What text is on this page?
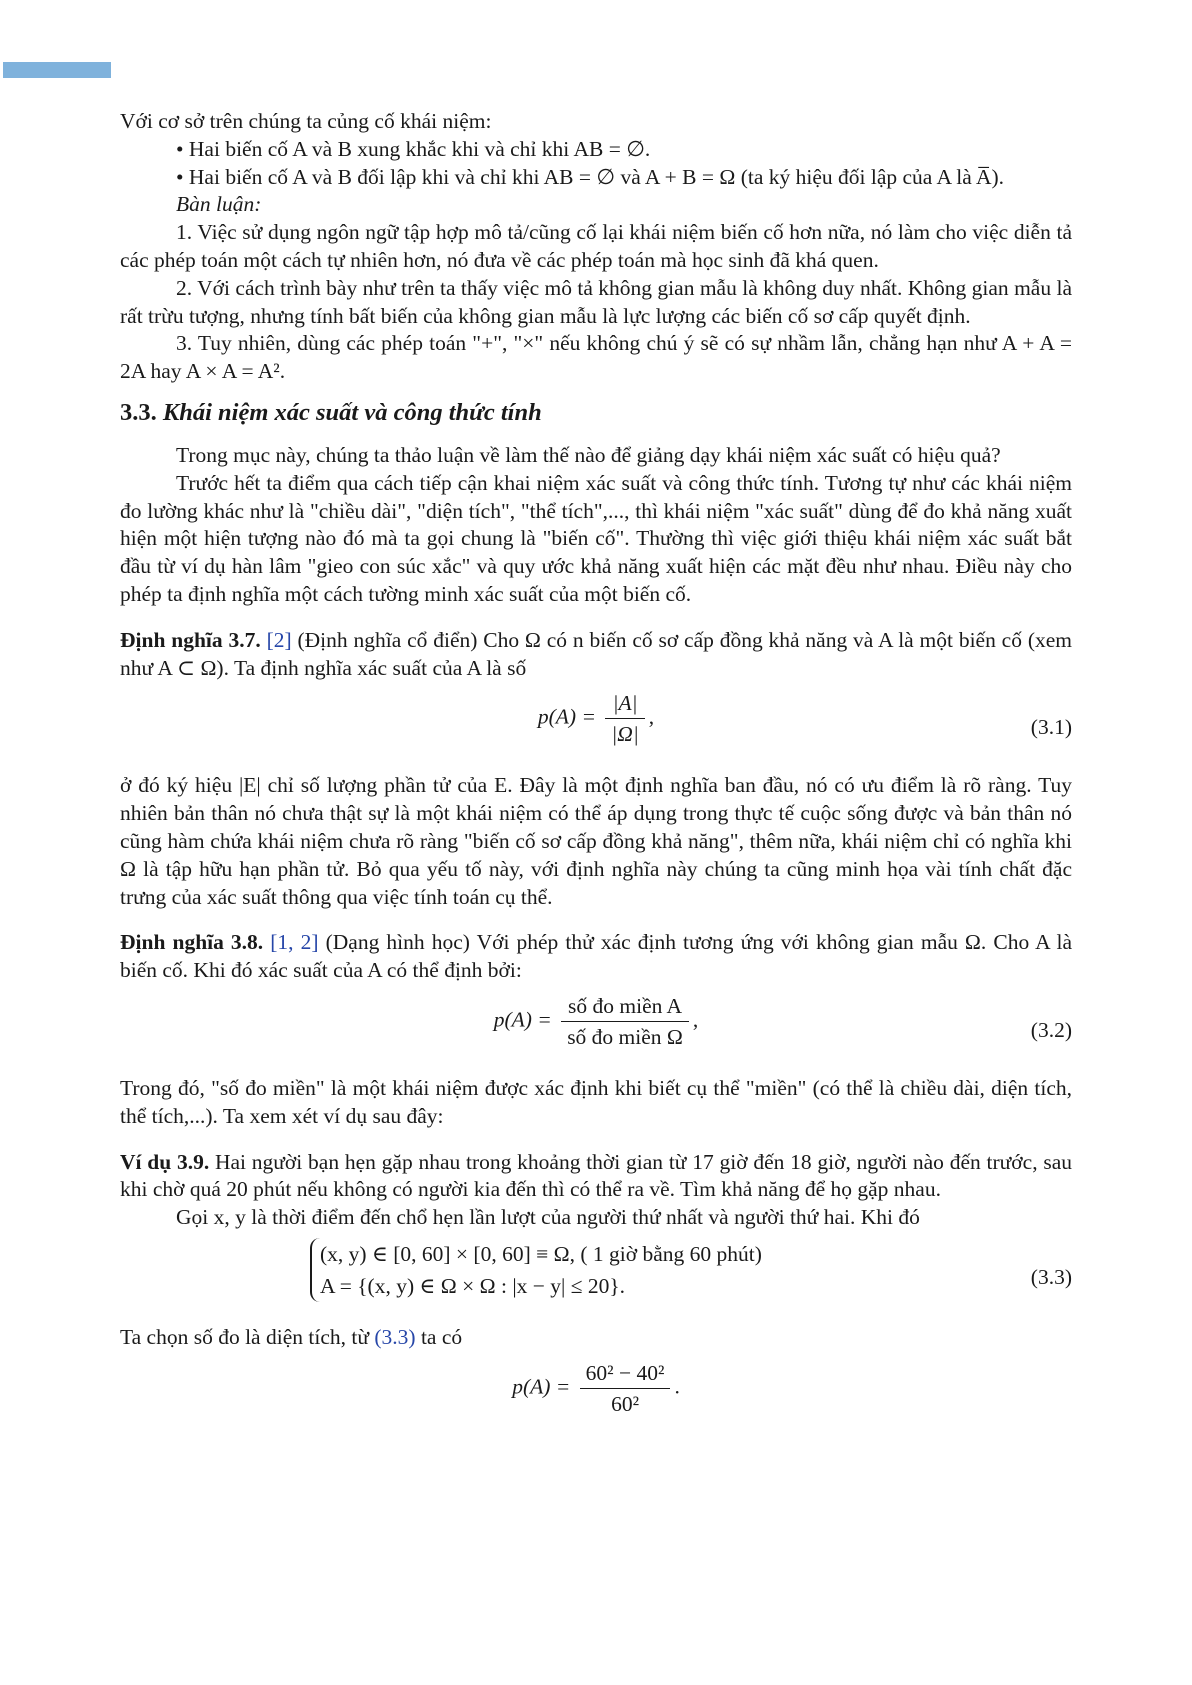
Với cơ sở trên chúng ta củng cố khái niệm:

• Hai biến cố A và B xung khắc khi và chỉ khi AB = ∅.

• Hai biến cố A và B đối lập khi và chỉ khi AB = ∅ và A + B = Ω (ta ký hiệu đối lập của A là A̅).

Bàn luận:

1. Việc sử dụng ngôn ngữ tập hợp mô tả/cũng cố lại khái niệm biến cố hơn nữa, nó làm cho việc diễn tả các phép toán một cách tự nhiên hơn, nó đưa về các phép toán mà học sinh đã khá quen.

2. Với cách trình bày như trên ta thấy việc mô tả không gian mẫu là không duy nhất. Không gian mẫu là rất trừu tượng, nhưng tính bất biến của không gian mẫu là lực lượng các biến cố sơ cấp quyết định.

3. Tuy nhiên, dùng các phép toán "+", "×" nếu không chú ý sẽ có sự nhầm lẫn, chẳng hạn như A + A = 2A hay A × A = A².

3.3. Khái niệm xác suất và công thức tính

Trong mục này, chúng ta thảo luận về làm thế nào để giảng dạy khái niệm xác suất có hiệu quả?

Trước hết ta điểm qua cách tiếp cận khai niệm xác suất và công thức tính. Tương tự như các khái niệm đo lường khác như là "chiều dài", "diện tích", "thể tích",..., thì khái niệm "xác suất" dùng để đo khả năng xuất hiện một hiện tượng nào đó mà ta gọi chung là "biến cố". Thường thì việc giới thiệu khái niệm xác suất bắt đầu từ ví dụ hàn lâm "gieo con súc xắc" và quy ước khả năng xuất hiện các mặt đều như nhau. Điều này cho phép ta định nghĩa một cách tường minh xác suất của một biến cố.

Định nghĩa 3.7. [2] (Định nghĩa cổ điển) Cho Ω có n biến cố sơ cấp đồng khả năng và A là một biến cố (xem như A ⊂ Ω). Ta định nghĩa xác suất của A là số

$p(A) = \frac{|A|}{|\Omega|}$ ,	(3.1)

ở đó ký hiệu |E| chỉ số lượng phần tử của E. Đây là một định nghĩa ban đầu, nó có ưu điểm là rõ ràng. Tuy nhiên bản thân nó chưa thật sự là một khái niệm có thể áp dụng trong thực tế cuộc sống được và bản thân nó cũng hàm chứa khái niệm chưa rõ ràng "biến cố sơ cấp đồng khả năng", thêm nữa, khái niệm chỉ có nghĩa khi Ω là tập hữu hạn phần tử. Bỏ qua yếu tố này, với định nghĩa này chúng ta cũng minh họa vài tính chất đặc trưng của xác suất thông qua việc tính toán cụ thể.

Định nghĩa 3.8. [1, 2] (Dạng hình học) Với phép thử xác định tương ứng với không gian mẫu Ω. Cho A là biến cố. Khi đó xác suất của A có thể định bởi:

$p(A) = \frac{\text{số đo miền A}}{\text{số đo miền Ω}}$ ,	(3.2)

Trong đó, "số đo miền" là một khái niệm được xác định khi biết cụ thể "miền" (có thể là chiều dài, diện tích, thể tích,...). Ta xem xét ví dụ sau đây:

Ví dụ 3.9. Hai người bạn hẹn gặp nhau trong khoảng thời gian từ 17 giờ đến 18 giờ, người nào đến trước, sau khi chờ quá 20 phút nếu không có người kia đến thì có thể ra về. Tìm khả năng để họ gặp nhau.

Gọi x, y là thời điểm đến chổ hẹn lần lượt của người thứ nhất và người thứ hai. Khi đó

(x, y) ∈ [0, 60] × [0, 60] ≡ Ω, ( 1 giờ bằng 60 phút)
A = {(x, y) ∈ Ω × Ω : |x − y| ≤ 20}.	(3.3)

Ta chọn số đo là diện tích, từ (3.3) ta có

$p(A) = \frac{\text{60² − 40²}}{\text{60²}}$ .
